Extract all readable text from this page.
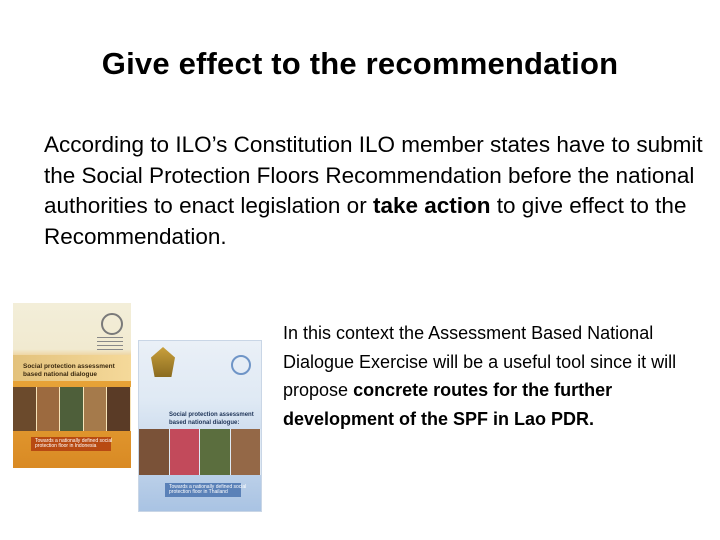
Give effect to the recommendation
According to ILO’s Constitution ILO member states have to submit the Social Protection Floors Recommendation before the national authorities to enact legislation or take action to give effect to the Recommendation.
Social protection assessment based national dialogue
Towards a nationally defined social protection floor in Indonesia
Social protection assessment based national dialogue:
Towards a nationally defined social protection floor in Thailand
In this context the Assessment Based National Dialogue Exercise will be a useful tool since it will propose concrete routes for the further development of the SPF in Lao PDR.
